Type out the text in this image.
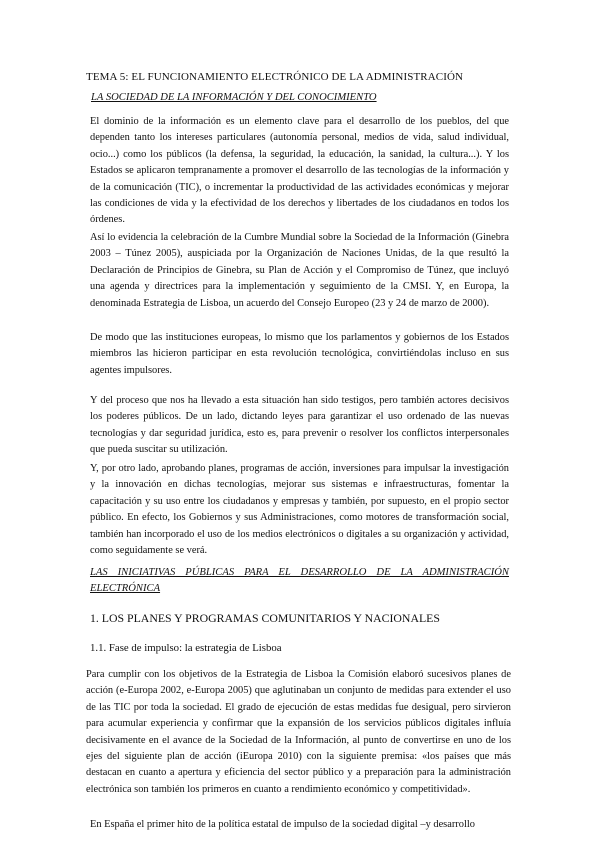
TEMA 5: EL FUNCIONAMIENTO ELECTRÓNICO DE LA ADMINISTRACIÓN

LA SOCIEDAD DE LA INFORMACIÓN Y DEL CONOCIMIENTO

El dominio de la información es un elemento clave para el desarrollo de los pueblos, del que dependen tanto los intereses particulares (autonomía personal, medios de vida, salud individual, ocio...) como los públicos (la defensa, la seguridad, la educación, la sanidad, la cultura...). Y los Estados se aplicaron tempranamente a promover el desarrollo de las tecnologías de la información y de la comunicación (TIC), o incrementar la productividad de las actividades económicas y mejorar las condiciones de vida y la efectividad de los derechos y libertades de los ciudadanos en todos los órdenes.

Así lo evidencia la celebración de la Cumbre Mundial sobre la Sociedad de la Información (Ginebra 2003 – Túnez 2005), auspiciada por la Organización de Naciones Unidas, de la que resultó la Declaración de Principios de Ginebra, su Plan de Acción y el Compromiso de Túnez, que incluyó una agenda y directrices para la implementación y seguimiento de la CMSI. Y, en Europa, la denominada Estrategia de Lisboa, un acuerdo del Consejo Europeo (23 y 24 de marzo de 2000).

De modo que las instituciones europeas, lo mismo que los parlamentos y gobiernos de los Estados miembros las hicieron participar en esta revolución tecnológica, convirtiéndolas incluso en sus agentes impulsores.

Y del proceso que nos ha llevado a esta situación han sido testigos, pero también actores decisivos los poderes públicos. De un lado, dictando leyes para garantizar el uso ordenado de las nuevas tecnologías y dar seguridad jurídica, esto es, para prevenir o resolver los conflictos interpersonales que pueda suscitar su utilización.

Y, por otro lado, aprobando planes, programas de acción, inversiones para impulsar la investigación y la innovación en dichas tecnologías, mejorar sus sistemas e infraestructuras, fomentar la capacitación y su uso entre los ciudadanos y empresas y también, por supuesto, en el propio sector público. En efecto, los Gobiernos y sus Administraciones, como motores de transformación social, también han incorporado el uso de los medios electrónicos o digitales a su organización y actividad, como seguidamente se verá.

LAS INICIATIVAS PÚBLICAS PARA EL DESARROLLO DE LA ADMINISTRACIÓN ELECTRÓNICA

1. LOS PLANES Y PROGRAMAS COMUNITARIOS Y NACIONALES

1.1. Fase de impulso: la estrategia de Lisboa

Para cumplir con los objetivos de la Estrategia de Lisboa la Comisión elaboró sucesivos planes de acción (e-Europa 2002, e-Europa 2005) que aglutinaban un conjunto de medidas para extender el uso de las TIC por toda la sociedad. El grado de ejecución de estas medidas fue desigual, pero sirvieron para acumular experiencia y confirmar que la expansión de los servicios públicos digitales influía decisivamente en el avance de la Sociedad de la Información, al punto de convertirse en uno de los ejes del siguiente plan de acción (iEuropa 2010) con la siguiente premisa: «los países que más destacan en cuanto a apertura y eficiencia del sector público y a preparación para la administración electrónica son también los primeros en cuanto a rendimiento económico y competitividad».

En España el primer hito de la política estatal de impulso de la sociedad digital –y desarrollo
